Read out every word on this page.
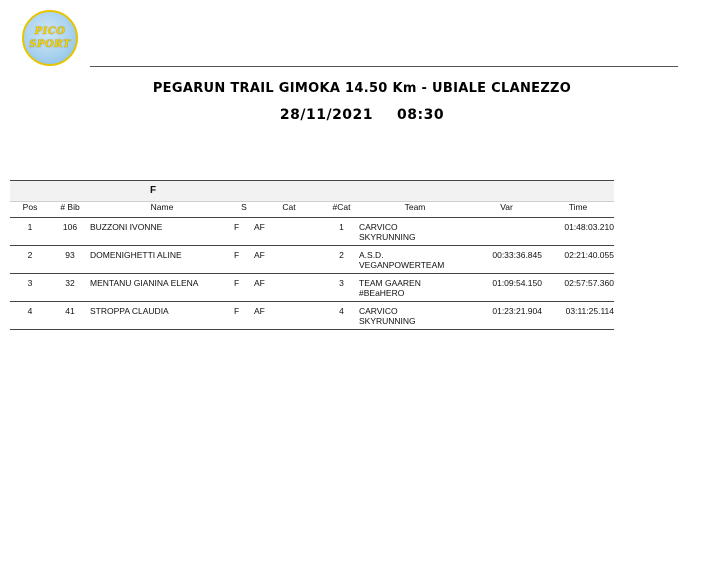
PICO
SPORT
PEGARUN TRAIL GIMOKA 14.50 Km - UBIALE CLANEZZO
28/11/2021 08:30
F								

Pos	# Bib	Name	S	Cat	#Cat	Team	Var	Time
1	106	BUZZONI IVONNE	F	AF	1	CARVICO
SKYRUNNING		01:48:03.210
2	93	DOMENIGHETTI ALINE	F	AF	2	A.S.D.
VEGANPOWERTEAM	00:33:36.845	02:21:40.055
3	32	MENTANU GIANINA ELENA	F	AF	3	TEAM GAAREN
#BEaHERO	01:09:54.150	02:57:57.360
4	41	STROPPA CLAUDIA	F	AF	4	CARVICO
SKYRUNNING	01:23:21.904	03:11:25.114
